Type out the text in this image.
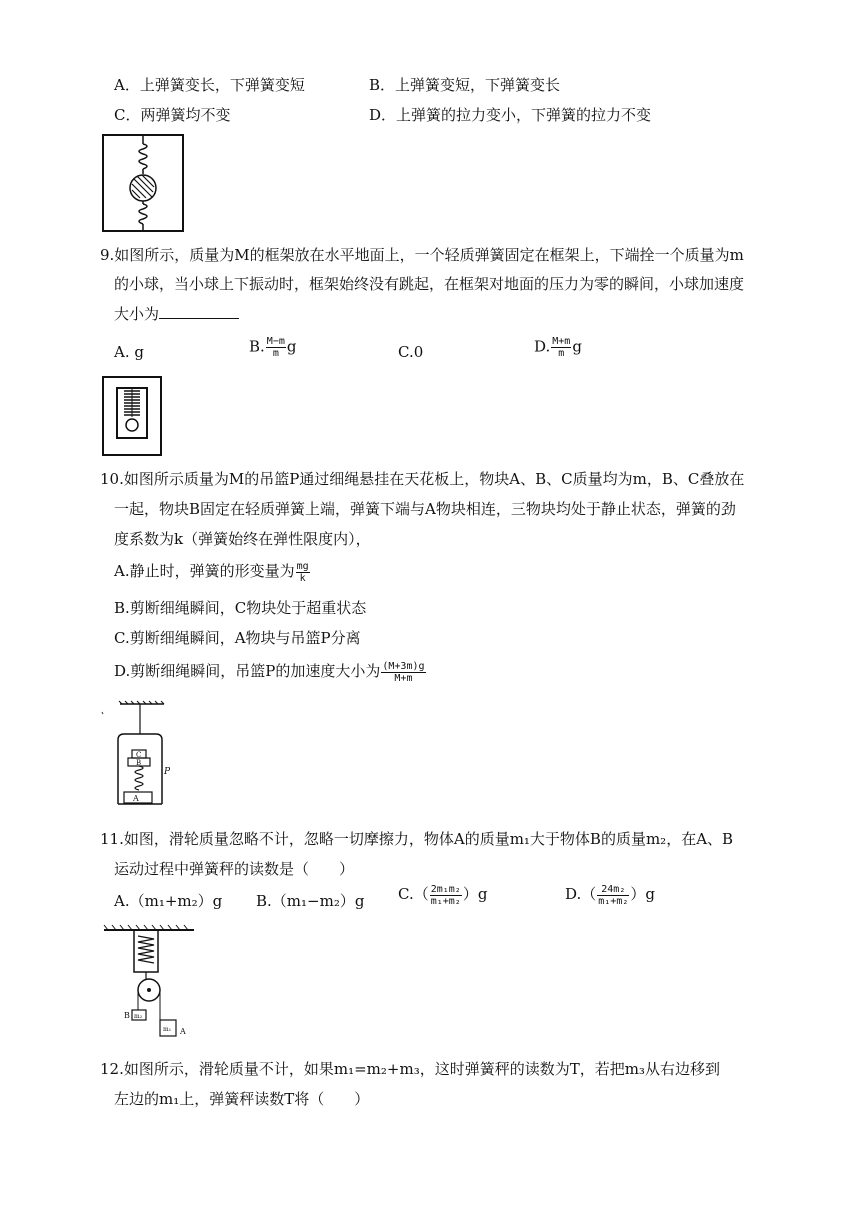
A．上弹簧变长，下弹簧变短	B．上弹簧变短，下弹簧变长
C．两弹簧均不变	D．上弹簧的拉力变小，下弹簧的拉力不变
9.如图所示，质量为M的框架放在水平地面上，一个轻质弹簧固定在框架上，下端拴一个质量为m
的小球，当小球上下振动时，框架始终没有跳起，在框架对地面的压力为零的瞬间，小球加速度
大小为
A. g	B. $\frac{M-m}{m}$ g	C.0	D. $\frac{M+m}{m}$ g
10.如图所示质量为M的吊篮P通过细绳悬挂在天花板上，物块A、B、C质量均为m，B、C叠放在
一起，物块B固定在轻质弹簧上端，弹簧下端与A物块相连，三物块均处于静止状态，弹簧的劲
度系数为k（弹簧始终在弹性限度内），
A.静止时，弹簧的形变量为 $\frac{mg}{k}$
B.剪断细绳瞬间，C物块处于超重状态
C.剪断细绳瞬间，A物块与吊篮P分离
D.剪断细绳瞬间，吊篮P的加速度大小为 $\frac{(M+3m)g}{M+m}$
C
B
A
P
11.如图，滑轮质量忽略不计，忽略一切摩擦力，物体A的质量m₁大于物体B的质量m₂，在A、B
运动过程中弹簧秤的读数是（　　）
A.（m₁+m₂）g B.（m₁−m₂）g $C.( \frac{\text{2m₁m₂}}{\text{m₁+m₂}} )g$	$D.( \frac{\text{24m₂}}{\text{m₁+m₂}} )g$
B m₂
m₁ A
12.如图所示，滑轮质量不计，如果m₁=m₂+m₃，这时弹簧秤的读数为T，若把m₃从右边移到
左边的m₁上，弹簧秤读数T将（　　）
